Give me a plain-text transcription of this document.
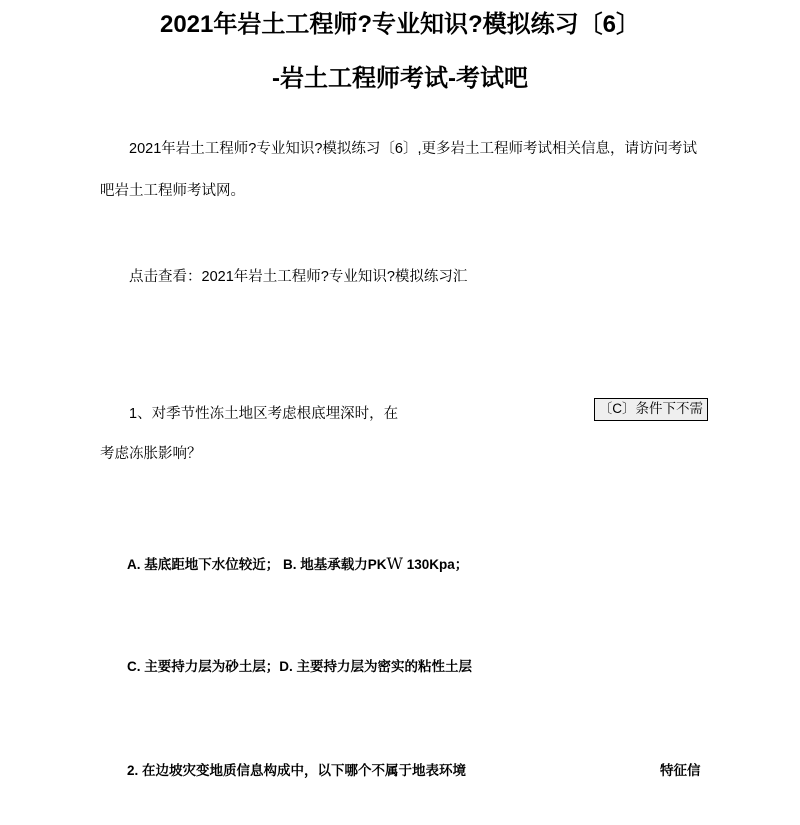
2021年岩土工程师?专业知识?模拟练习〔6〕
-岩土工程师考试-考试吧
2021年岩土工程师?专业知识?模拟练习〔6〕,更多岩土工程师考试相关信息，请访问考试吧岩土工程师考试网。
点击查看：2021年岩土工程师?专业知识?模拟练习汇
1、对季节性冻土地区考虑根底埋深时，在	〔C〕条件下不需
考虑冻胀影响？
A. 基底距地下水位较近； B. 地基承载力PKW 130Kpa；
C. 主要持力层为砂土层；D. 主要持力层为密实的粘性土层
2. 在边坡灾变地质信息构成中，以下哪个不属于地表环境	特征信
